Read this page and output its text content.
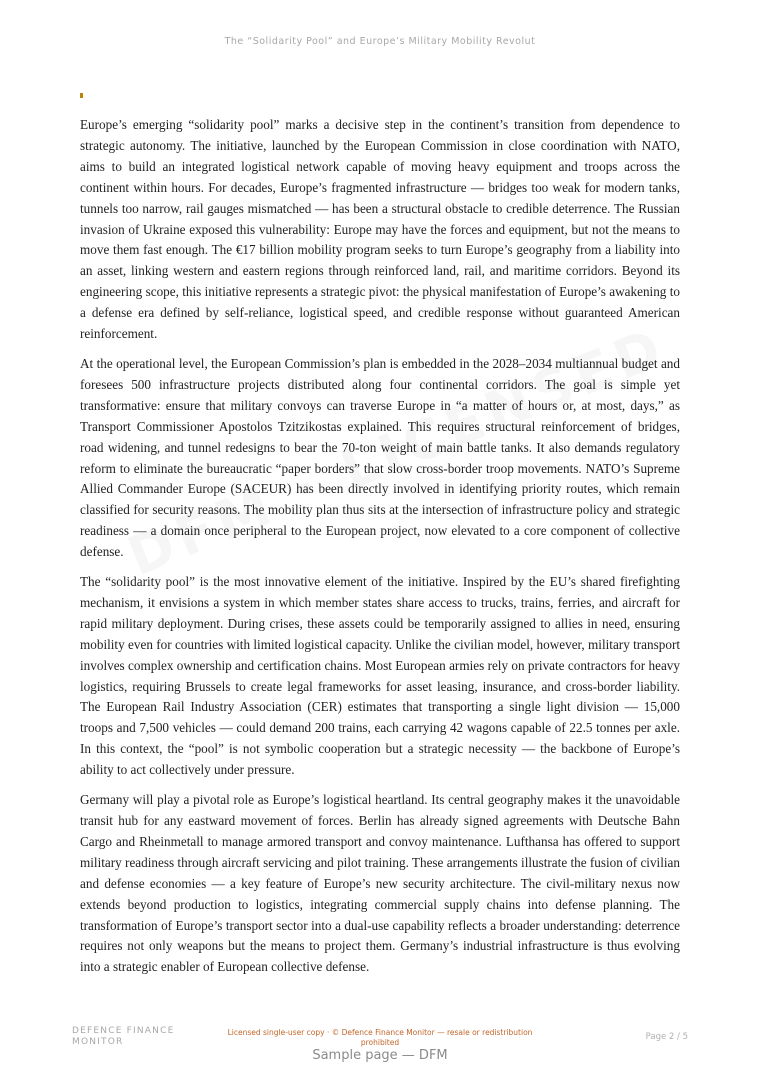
The “Solidarity Pool” and Europe’s Military Mobility Revolut

Europe’s emerging “solidarity pool” marks a decisive step in the continent’s transition from dependence to strategic autonomy. The initiative, launched by the European Commission in close coordination with NATO, aims to build an integrated logistical network capable of moving heavy equipment and troops across the continent within hours. For decades, Europe’s fragmented infrastructure — bridges too weak for modern tanks, tunnels too narrow, rail gauges mismatched — has been a structural obstacle to credible deterrence. The Russian invasion of Ukraine exposed this vulnerability: Europe may have the forces and equipment, but not the means to move them fast enough. The €17 billion mobility program seeks to turn Europe’s geography from a liability into an asset, linking western and eastern regions through reinforced land, rail, and maritime corridors. Beyond its engineering scope, this initiative represents a strategic pivot: the physical manifestation of Europe’s awakening to a defense era defined by self-reliance, logistical speed, and credible response without guaranteed American reinforcement.

At the operational level, the European Commission’s plan is embedded in the 2028–2034 multiannual budget and foresees 500 infrastructure projects distributed along four continental corridors. The goal is simple yet transformative: ensure that military convoys can traverse Europe in “a matter of hours or, at most, days,” as Transport Commissioner Apostolos Tzitzikostas explained. This requires structural reinforcement of bridges, road widening, and tunnel redesigns to bear the 70-ton weight of main battle tanks. It also demands regulatory reform to eliminate the bureaucratic “paper borders” that slow cross-border troop movements. NATO’s Supreme Allied Commander Europe (SACEUR) has been directly involved in identifying priority routes, which remain classified for security reasons. The mobility plan thus sits at the intersection of infrastructure policy and strategic readiness — a domain once peripheral to the European project, now elevated to a core component of collective defense.

The “solidarity pool” is the most innovative element of the initiative. Inspired by the EU’s shared firefighting mechanism, it envisions a system in which member states share access to trucks, trains, ferries, and aircraft for rapid military deployment. During crises, these assets could be temporarily assigned to allies in need, ensuring mobility even for countries with limited logistical capacity. Unlike the civilian model, however, military transport involves complex ownership and certification chains. Most European armies rely on private contractors for heavy logistics, requiring Brussels to create legal frameworks for asset leasing, insurance, and cross-border liability. The European Rail Industry Association (CER) estimates that transporting a single light division — 15,000 troops and 7,500 vehicles — could demand 200 trains, each carrying 42 wagons capable of 22.5 tonnes per axle. In this context, the “pool” is not symbolic cooperation but a strategic necessity — the backbone of Europe’s ability to act collectively under pressure.

Germany will play a pivotal role as Europe’s logistical heartland. Its central geography makes it the unavoidable transit hub for any eastward movement of forces. Berlin has already signed agreements with Deutsche Bahn Cargo and Rheinmetall to manage armored transport and convoy maintenance. Lufthansa has offered to support military readiness through aircraft servicing and pilot training. These arrangements illustrate the fusion of civilian and defense economies — a key feature of Europe’s new security architecture. The civil-military nexus now extends beyond production to logistics, integrating commercial supply chains into defense planning. The transformation of Europe’s transport sector into a dual-use capability reflects a broader understanding: deterrence requires not only weapons but the means to project them. Germany’s industrial infrastructure is thus evolving into a strategic enabler of European collective defense.

DEFENCE FINANCE
MONITOR
Licensed single-user copy · © Defence Finance Monitor — resale or redistribution prohibited
Page 2 / 5
Sample page — DFM
